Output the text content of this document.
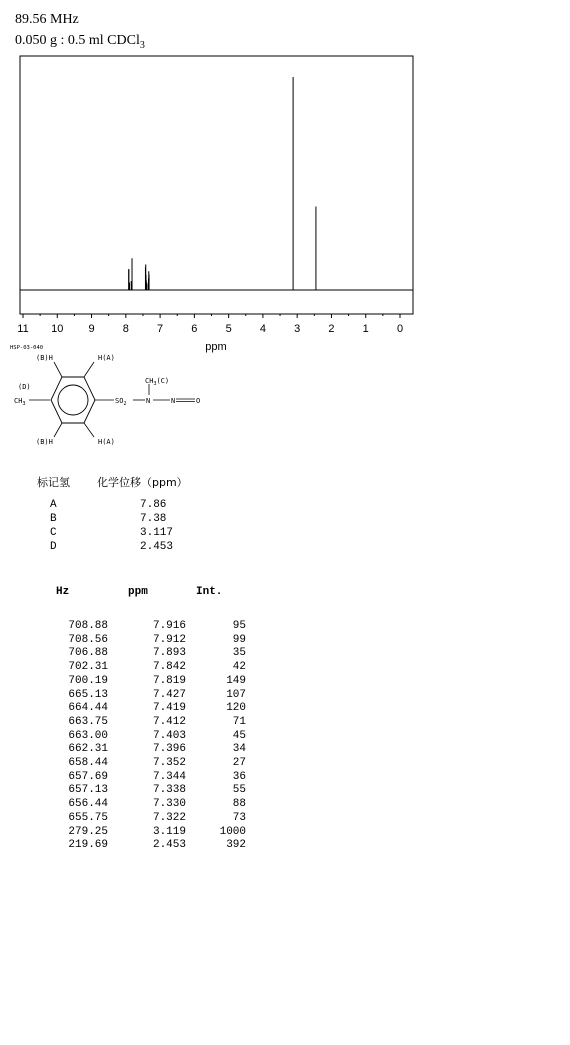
89.56 MHz
0.050 g : 0.5 ml CDCl$_3$
11 10 9	8	7	6	5	4	3	2	1	0
ppm
HSP-03-040
(B)H	H(A)
(D)
$CH_3$	$SO_2$	N
$CH_3(C)$
N	O
(B)H	H(A)
标记氢 化学位移（ppm）
A	7.86
B	7.38
C	3.117
D	2.453
Hz	ppm	Int.

708.88	7.916	95
708.56	7.912	99
706.88	7.893	35
702.31	7.842	42
700.19	7.819	149
665.13	7.427	107
664.44	7.419	120
663.75	7.412	71
663.00	7.403	45
662.31	7.396	34
658.44	7.352	27
657.69	7.344	36
657.13	7.338	55
656.44	7.330	88
655.75	7.322	73
279.25	3.119	1000
219.69	2.453	392
